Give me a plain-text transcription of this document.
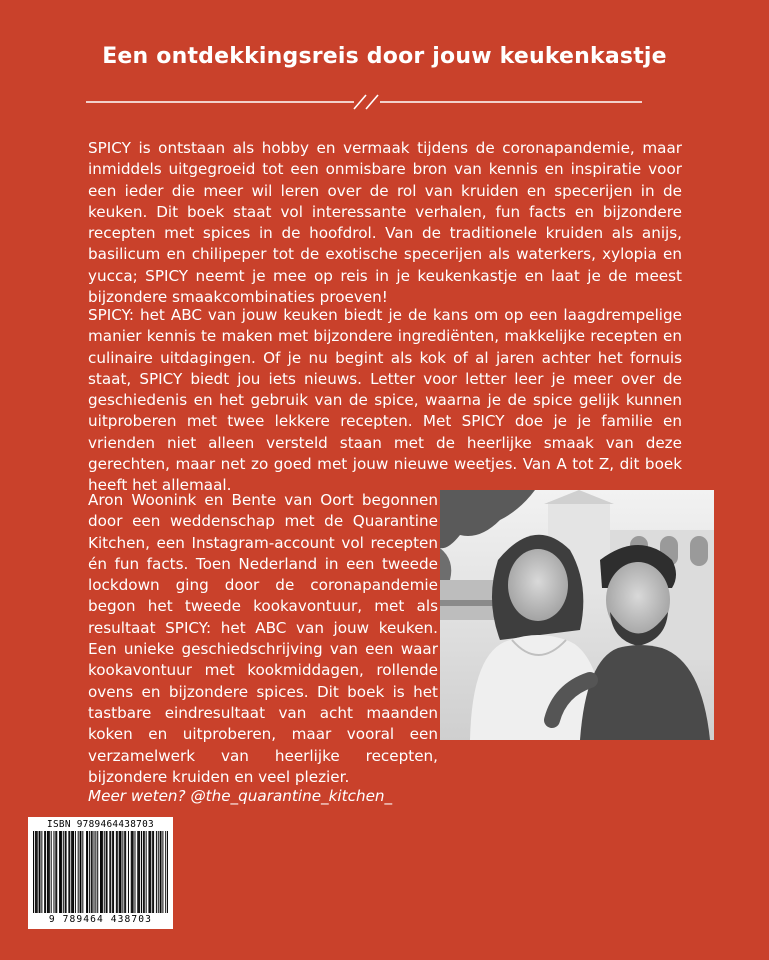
Een ontdekkingsreis door jouw keukenkastje

SPICY is ontstaan als hobby en vermaak tijdens de coronapandemie, maar inmiddels uitgegroeid tot een onmisbare bron van kennis en inspiratie voor een ieder die meer wil leren over de rol van kruiden en specerijen in de keuken. Dit boek staat vol interessante verhalen, fun facts en bijzondere recepten met spices in de hoofdrol. Van de traditionele kruiden als anijs, basilicum en chilipeper tot de exotische specerijen als waterkers, xylopia en yucca; SPICY neemt je mee op reis in je keukenkastje en laat je de meest bijzondere smaakcombinaties proeven!

SPICY: het ABC van jouw keuken biedt je de kans om op een laagdrempelige manier kennis te maken met bijzondere ingrediënten, makkelijke recepten en culinaire uitdagingen. Of je nu begint als kok of al jaren achter het fornuis staat, SPICY biedt jou iets nieuws. Letter voor letter leer je meer over de geschiedenis en het gebruik van de spice, waarna je de spice gelijk kunnen uitproberen met twee lekkere recepten. Met SPICY doe je je familie en vrienden niet alleen versteld staan met de heerlijke smaak van deze gerechten, maar net zo goed met jouw nieuwe weetjes. Van A tot Z, dit boek heeft het allemaal.

Aron Woonink en Bente van Oort begonnen door een weddenschap met de Quarantine Kitchen, een Instagram-account vol recepten én fun facts. Toen Nederland in een tweede lockdown ging door de coronapandemie begon het tweede kookavontuur, met als resultaat SPICY: het ABC van jouw keuken. Een unieke geschiedschrijving van een waar kookavontuur met kookmiddagen, rollende ovens en bijzondere spices. Dit boek is het tastbare eindresultaat van acht maanden koken en uitproberen, maar vooral een verzamelwerk van heerlijke recepten, bijzondere kruiden en veel plezier.

Meer weten? @the_quarantine_kitchen_

ISBN 9789464438703
9 789464 438703
